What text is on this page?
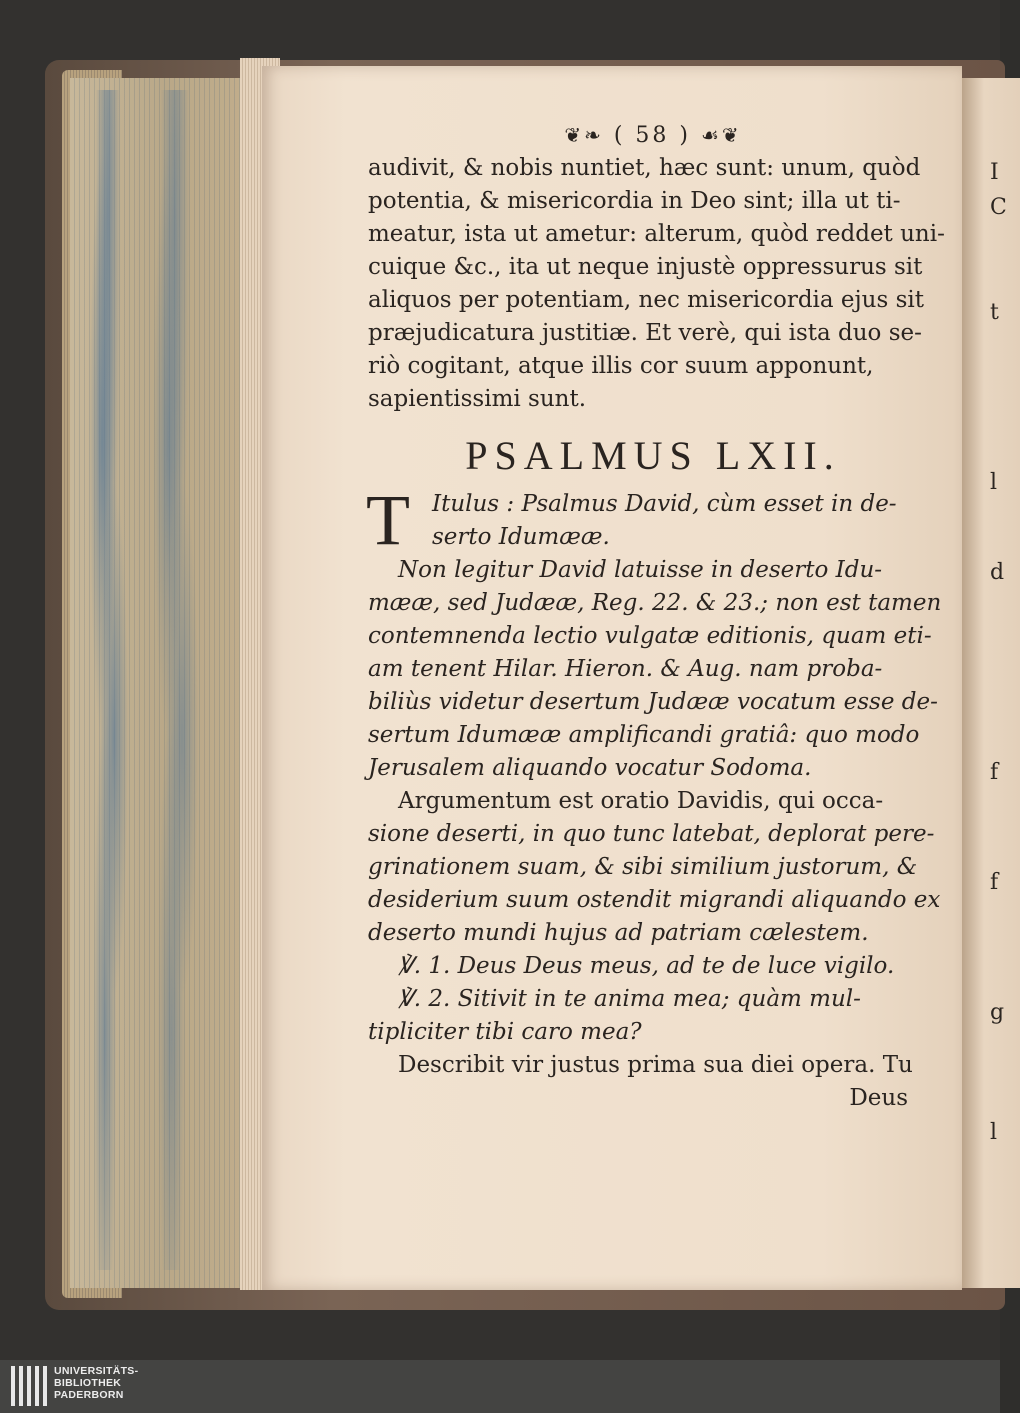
I
C
t
l
d
f
f
g
l
❦❧ ( 58 ) ☙❦
audivit, & nobis nuntiet, hæc sunt: unum, quòd
potentia, & misericordia in Deo sint; illa ut ti-
meatur, ista ut ametur: alterum, quòd reddet uni-
cuique &c., ita ut neque injustè oppressurus sit
aliquos per potentiam, nec misericordia ejus sit
præjudicatura justitiæ. Et verè, qui ista duo se-
riò cogitant, atque illis cor suum apponunt,
sapientissimi sunt.
PSALMUS LXII.
T Itulus : Psalmus David, cùm esset in de-
serto Idumææ.
Non legitur David latuisse in deserto Idu-
mææ, sed Judææ, Reg. 22. & 23.; non est tamen
contemnenda lectio vulgatæ editionis, quam eti-
am tenent Hilar. Hieron. & Aug. nam proba-
biliùs videtur desertum Judææ vocatum esse de-
sertum Idumææ amplificandi gratiâ: quo modo
Jerusalem aliquando vocatur Sodoma.
Argumentum est oratio Davidis, qui occa-
sione deserti, in quo tunc latebat, deplorat pere-
grinationem suam, & sibi similium justorum, &
desiderium suum ostendit migrandi aliquando ex
deserto mundi hujus ad patriam cælestem.
℣. 1. Deus Deus meus, ad te de luce vigilo.
℣. 2. Sitivit in te anima mea; quàm mul-
tipliciter tibi caro mea?
Describit vir justus prima sua diei opera. Tu
Deus
UNIVERSITÄTS-
BIBLIOTHEK
PADERBORN
